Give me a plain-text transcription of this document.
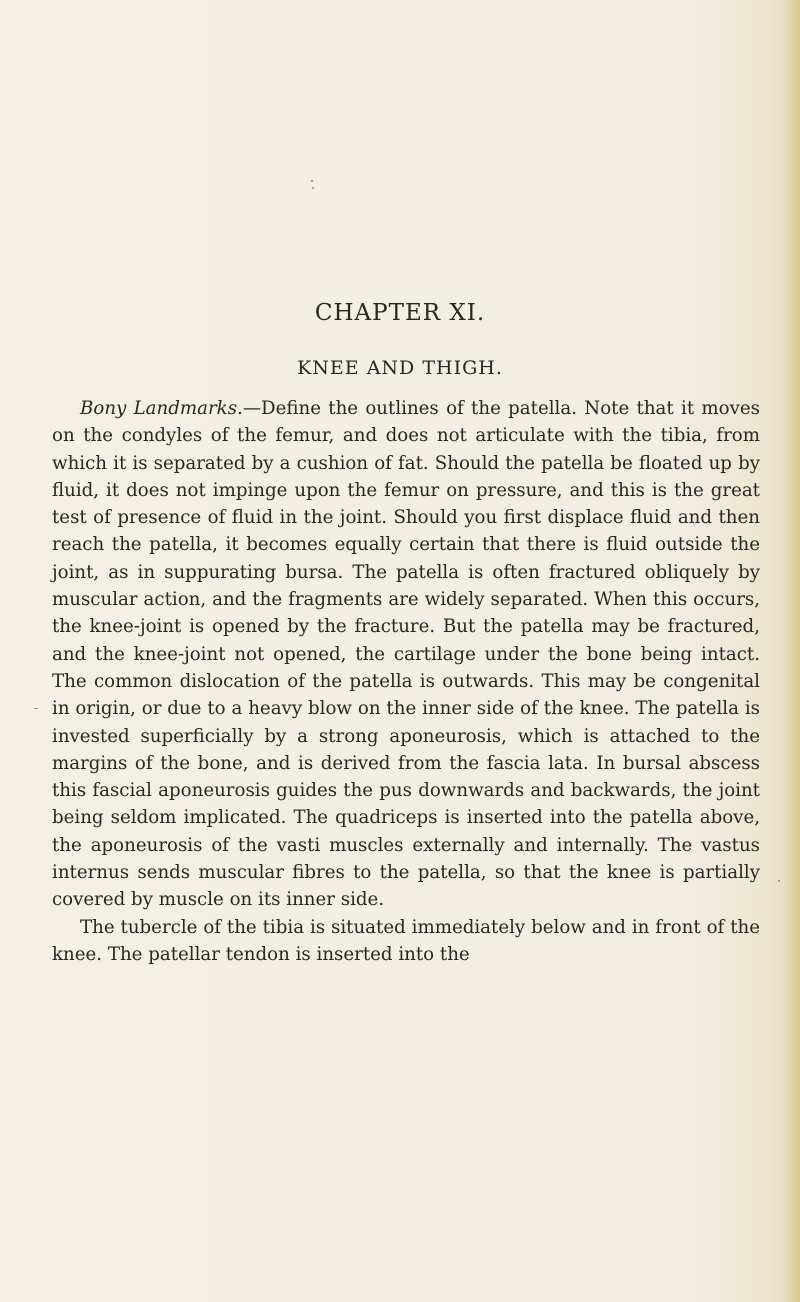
CHAPTER XI.
KNEE AND THIGH.

Bony Landmarks.—Define the outlines of the patella. Note that it moves on the condyles of the femur, and does not articulate with the tibia, from which it is separated by a cushion of fat. Should the patella be floated up by fluid, it does not impinge upon the femur on pressure, and this is the great test of presence of fluid in the joint. Should you first displace fluid and then reach the patella, it becomes equally certain that there is fluid outside the joint, as in suppurating bursa. The patella is often fractured obliquely by muscular action, and the fragments are widely separated. When this occurs, the knee-joint is opened by the fracture. But the patella may be fractured, and the knee-joint not opened, the cartilage under the bone being intact. The common dislocation of the patella is outwards. This may be congenital in origin, or due to a heavy blow on the inner side of the knee. The patella is invested superficially by a strong aponeurosis, which is attached to the margins of the bone, and is derived from the fascia lata. In bursal abscess this fascial aponeurosis guides the pus downwards and backwards, the joint being seldom implicated. The quadriceps is inserted into the patella above, the aponeurosis of the vasti muscles externally and internally. The vastus internus sends muscular fibres to the patella, so that the knee is partially covered by muscle on its inner side.

The tubercle of the tibia is situated immediately below and in front of the knee. The patellar tendon is inserted into the
